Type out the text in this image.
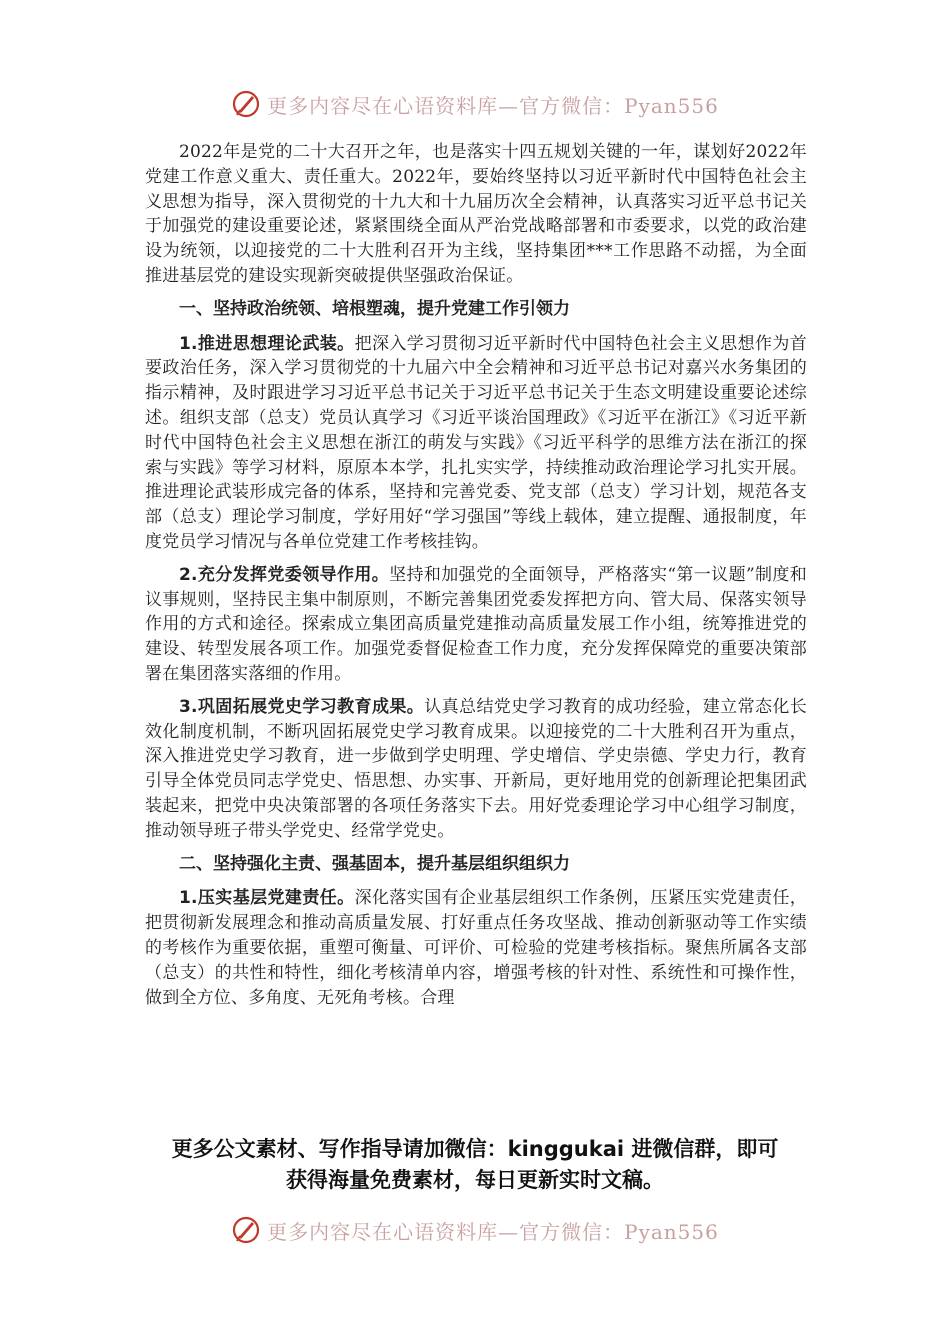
更多内容尽在心语资料库—官方微信：Pyan556

2022年是党的二十大召开之年，也是落实十四五规划关键的一年，谋划好2022年党建工作意义重大、责任重大。2022年，要始终坚持以习近平新时代中国特色社会主义思想为指导，深入贯彻党的十九大和十九届历次全会精神，认真落实习近平总书记关于加强党的建设重要论述，紧紧围绕全面从严治党战略部署和市委要求，以党的政治建设为统领，以迎接党的二十大胜利召开为主线，坚持集团***工作思路不动摇，为全面推进基层党的建设实现新突破提供坚强政治保证。

一、坚持政治统领、培根塑魂，提升党建工作引领力

1.推进思想理论武装。把深入学习贯彻习近平新时代中国特色社会主义思想作为首要政治任务，深入学习贯彻党的十九届六中全会精神和习近平总书记对嘉兴水务集团的指示精神，及时跟进学习习近平总书记关于习近平总书记关于生态文明建设重要论述综述。组织支部（总支）党员认真学习《习近平谈治国理政》《习近平在浙江》《习近平新时代中国特色社会主义思想在浙江的萌发与实践》《习近平科学的思维方法在浙江的探索与实践》等学习材料，原原本本学，扎扎实实学，持续推动政治理论学习扎实开展。推进理论武装形成完备的体系，坚持和完善党委、党支部（总支）学习计划，规范各支部（总支）理论学习制度，学好用好“学习强国”等线上载体，建立提醒、通报制度，年度党员学习情况与各单位党建工作考核挂钩。

2.充分发挥党委领导作用。坚持和加强党的全面领导，严格落实“第一议题”制度和议事规则，坚持民主集中制原则，不断完善集团党委发挥把方向、管大局、保落实领导作用的方式和途径。探索成立集团高质量党建推动高质量发展工作小组，统筹推进党的建设、转型发展各项工作。加强党委督促检查工作力度，充分发挥保障党的重要决策部署在集团落实落细的作用。

3.巩固拓展党史学习教育成果。认真总结党史学习教育的成功经验，建立常态化长效化制度机制，不断巩固拓展党史学习教育成果。以迎接党的二十大胜利召开为重点，深入推进党史学习教育，进一步做到学史明理、学史增信、学史崇德、学史力行，教育引导全体党员同志学党史、悟思想、办实事、开新局，更好地用党的创新理论把集团武装起来，把党中央决策部署的各项任务落实下去。用好党委理论学习中心组学习制度，推动领导班子带头学党史、经常学党史。

二、坚持强化主责、强基固本，提升基层组织组织力

1.压实基层党建责任。深化落实国有企业基层组织工作条例，压紧压实党建责任，把贯彻新发展理念和推动高质量发展、打好重点任务攻坚战、推动创新驱动等工作实绩的考核作为重要依据，重塑可衡量、可评价、可检验的党建考核指标。聚焦所属各支部（总支）的共性和特性，细化考核清单内容，增强考核的针对性、系统性和可操作性，做到全方位、多角度、无死角考核。合理

更多公文素材、写作指导请加微信：kinggukai 进微信群，即可
获得海量免费素材，每日更新实时文稿。
更多内容尽在心语资料库—官方微信：Pyan556
